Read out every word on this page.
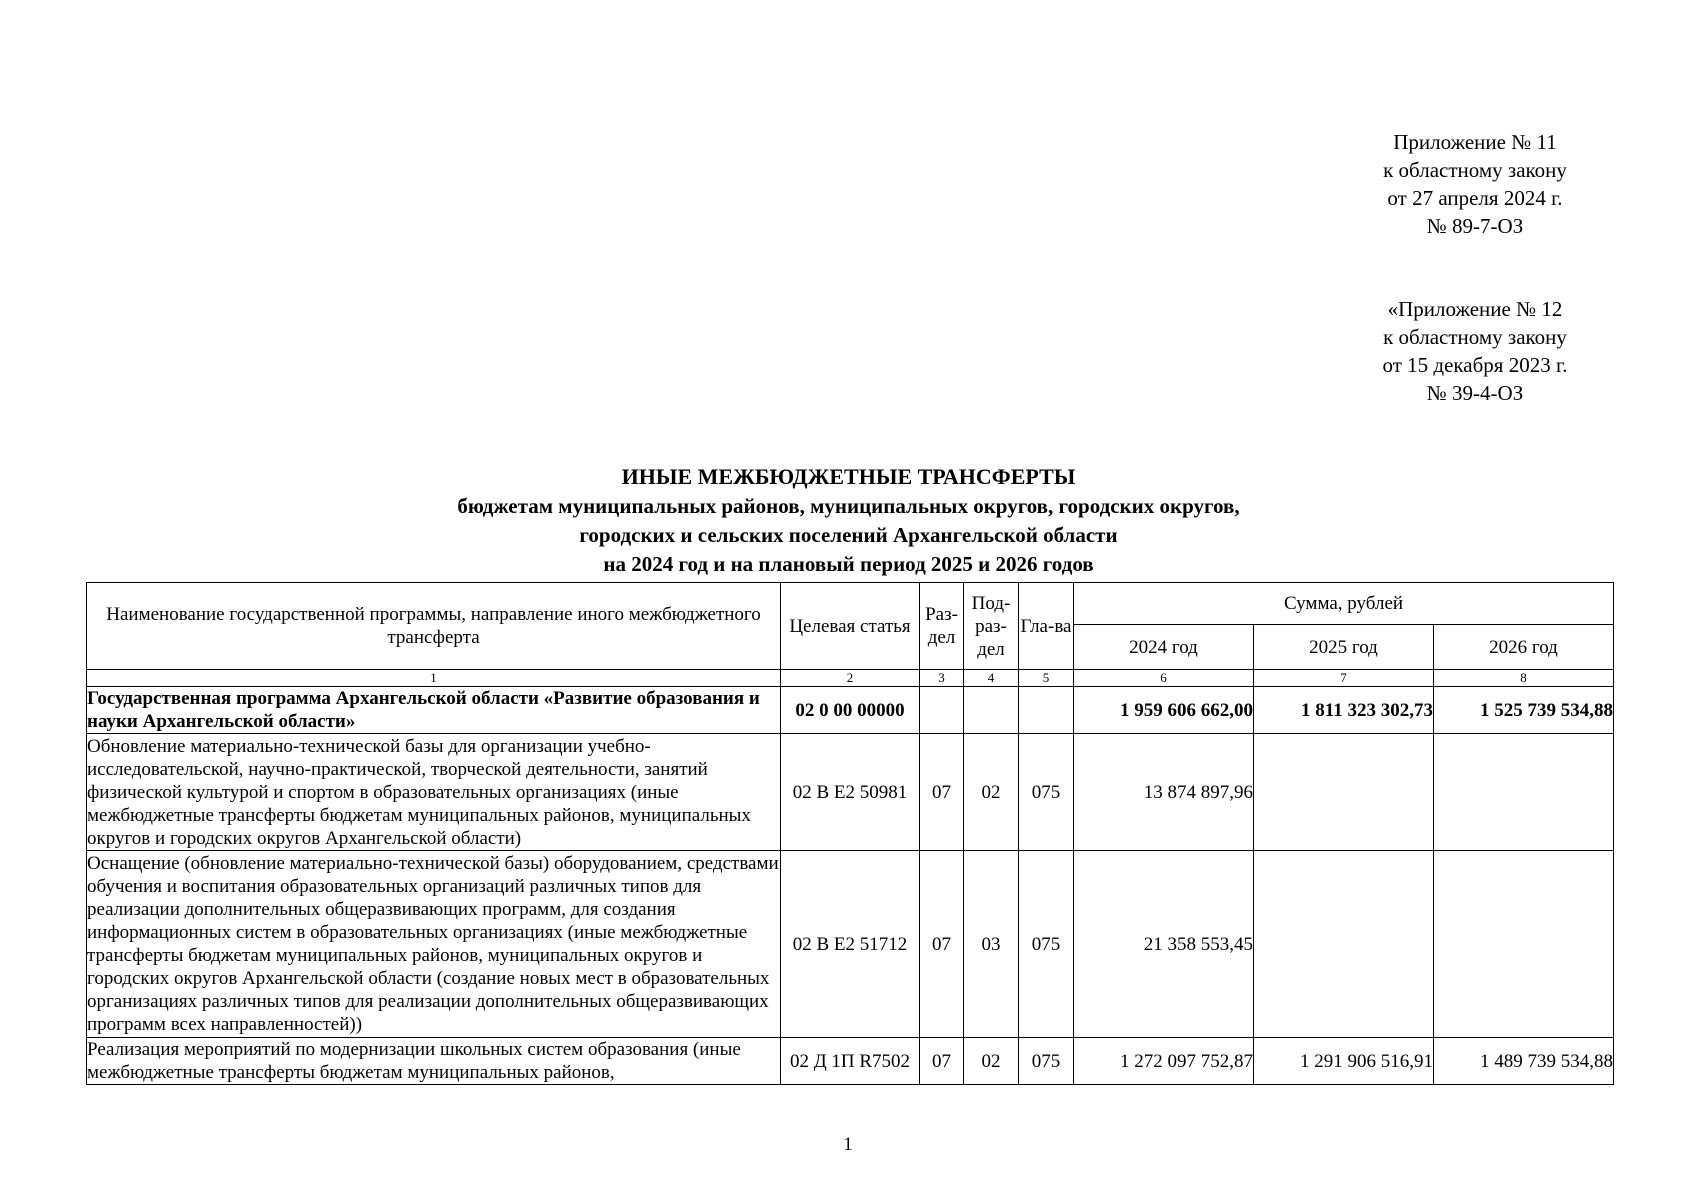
Приложение № 11
к областному закону
от 27 апреля 2024 г.
№ 89-7-ОЗ
«Приложение № 12
к областному закону
от 15 декабря 2023 г.
№ 39-4-ОЗ
ИНЫЕ МЕЖБЮДЖЕТНЫЕ ТРАНСФЕРТЫ
бюджетам муниципальных районов, муниципальных округов, городских округов,
городских и сельских поселений Архангельской области
на 2024 год и на плановый период 2025 и 2026 годов
Наименование государственной программы, направление иного межбюджетного трансферта	Целевая статья	Раз-дел	Под-раз-дел	Гла-ва	Сумма, рублей		
					2024 год	2025 год	2026 год
1	2	3	4	5	6	7	8
Государственная программа Архангельской области «Развитие образования и науки Архангельской области»	02 0 00 00000				1 959 606 662,00	1 811 323 302,73	1 525 739 534,88
Обновление материально-технической базы для организации учебно-исследовательской, научно-практической, творческой деятельности, занятий физической культурой и спортом в образовательных организациях (иные межбюджетные трансферты бюджетам муниципальных районов, муниципальных округов и городских округов Архангельской области)	02 В Е2 50981	07	02	075	13 874 897,96		
Оснащение (обновление материально-технической базы) оборудованием, средствами обучения и воспитания образовательных организаций различных типов для реализации дополнительных общеразвивающих программ, для создания информационных систем в образовательных организациях (иные межбюджетные трансферты бюджетам муниципальных районов, муниципальных округов и городских округов Архангельской области (создание новых мест в образовательных организациях различных типов для реализации дополнительных общеразвивающих программ всех направленностей))	02 В Е2 51712	07	03	075	21 358 553,45		
Реализация мероприятий по модернизации школьных систем образования (иные межбюджетные трансферты бюджетам муниципальных районов,	02 Д 1П R7502	07	02	075	1 272 097 752,87	1 291 906 516,91	1 489 739 534,88
1
